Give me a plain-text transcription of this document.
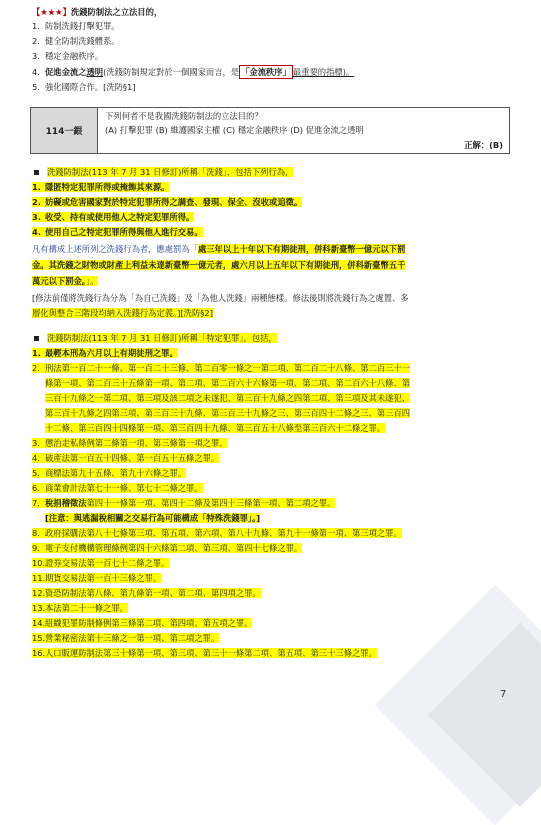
【★★★】洗錢防制法之立法目的，
1. 防制洗錢打擊犯罪。
2. 健全防制洗錢體系。
3. 穩定金融秩序。
4. 促進金流之透明(洗錢防制規定對於一個國家而言，是 「金流秩序」 最重要的指標)。
5. 強化國際合作。[洗防§1]
114一銀
下列何者不是我國洗錢防制法的立法目的？
(A) 打擊犯罪 (B) 維護國家主權 (C) 穩定金融秩序 (D) 促進金流之透明
正解：(B)
洗錢防制法(113 年 7 月 31 日修訂)所稱「洗錢」，包括下列行為，
1. 隱匿特定犯罪所得或掩飾其來源。
2. 妨礙或危害國家對於特定犯罪所得之調查、發現、保全、沒收或追徵。
3. 收受、持有或使用他人之特定犯罪所得。
4. 使用自己之特定犯罪所得與他人進行交易。
凡有構成上述所列之洗錢行為者，應處罰為「處三年以上十年以下有期徒刑，併科新臺幣一億元以下罰
金。其洗錢之財物或財產上利益未達新臺幣一億元者，處六月以上五年以下有期徒刑，併科新臺幣五千
萬元以下罰金。」。
[修法前僅將洗錢行為分為「為自己洗錢」及「為他人洗錢」兩種態樣。修法後則將洗錢行為之處置、多
層化與整合三階段均納入洗錢行為定義。][洗防§2]
洗錢防制法(113 年 7 月 31 日修訂)所稱「特定犯罪」，包括，
1. 最輕本刑為六月以上有期徒刑之罪。
2. 刑法第一百二十一條、第一百二十三條、第二百零一條之一第二項、第二百二十八條、第二百三十一
條第一項、第二百三十五條第一項、第二項、第二百六十六條第一項、第二項、第二百六十八條、第
三百十九條之一第二項、第三項及該二項之未遂犯、第三百十九條之四第二項、第三項及其未遂犯、
第三百十九條之四第三項、第三百三十九條、第三百三十九條之三、第三百四十二條之三、第三百四
十二條、第三百四十四條第一項、第三百四十九條、第三百五十八條至第三百六十二條之罪。
3. 懲治走私條例第二條第一項、第三條第一項之罪。
4. 破產法第一百五十四條、第一百五十五條之罪。
5. 商標法第九十五條、第九十六條之罪。
6. 商業會計法第七十一條、第七十二條之罪。
7. 稅捐稽徵法第四十一條第一項、第四十二條及第四十三條第一項、第二項之罪。
[注意：與逃漏稅相關之交易行為可能構成「特殊洗錢罪」。]
8. 政府採購法第八十七條第三項、第五項、第六項、第八十九條、第九十一條第一項、第三項之罪。
9. 電子支付機構管理條例第四十六條第二項、第三項、第四十七條之罪。
10.證券交易法第一百七十二條之罪。
11.期貨交易法第一百十三條之罪。
12.資恐防制法第八條、第九條第一項、第二項、第四項之罪。
13.本法第二十一條之罪。
14.組織犯罪防制條例第三條第二項、第四項、第五項之罪。
15.營業秘密法第十三條之一第一項、第二項之罪。
16.人口販運防制法第三十條第一項、第三項、第三十一條第二項、第五項、第三十三條之罪。
7
